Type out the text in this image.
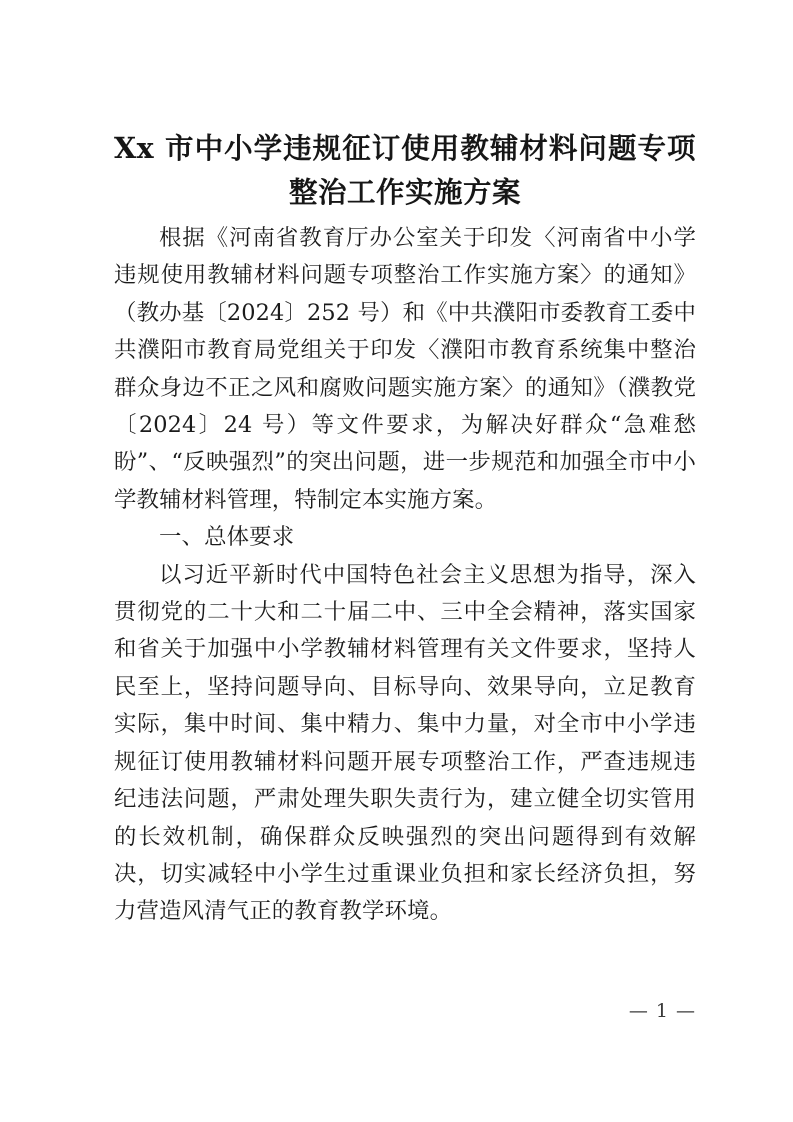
Xx 市中小学违规征订使用教辅材料问题专项
整治工作实施方案

根据《河南省教育厅办公室关于印发〈河南省中小学违规使用教辅材料问题专项整治工作实施方案〉的通知》（教办基〔2024〕252 号）和《中共濮阳市委教育工委中共濮阳市教育局党组关于印发〈濮阳市教育系统集中整治群众身边不正之风和腐败问题实施方案〉的通知》（濮教党〔2024〕24 号）等文件要求，为解决好群众“急难愁盼”、“反映强烈”的突出问题，进一步规范和加强全市中小学教辅材料管理，特制定本实施方案。

一、总体要求

以习近平新时代中国特色社会主义思想为指导，深入贯彻党的二十大和二十届二中、三中全会精神，落实国家和省关于加强中小学教辅材料管理有关文件要求，坚持人民至上，坚持问题导向、目标导向、效果导向，立足教育实际，集中时间、集中精力、集中力量，对全市中小学违规征订使用教辅材料问题开展专项整治工作，严查违规违纪违法问题，严肃处理失职失责行为，建立健全切实管用的长效机制，确保群众反映强烈的突出问题得到有效解决，切实减轻中小学生过重课业负担和家长经济负担，努力营造风清气正的教育教学环境。

— 1 —
